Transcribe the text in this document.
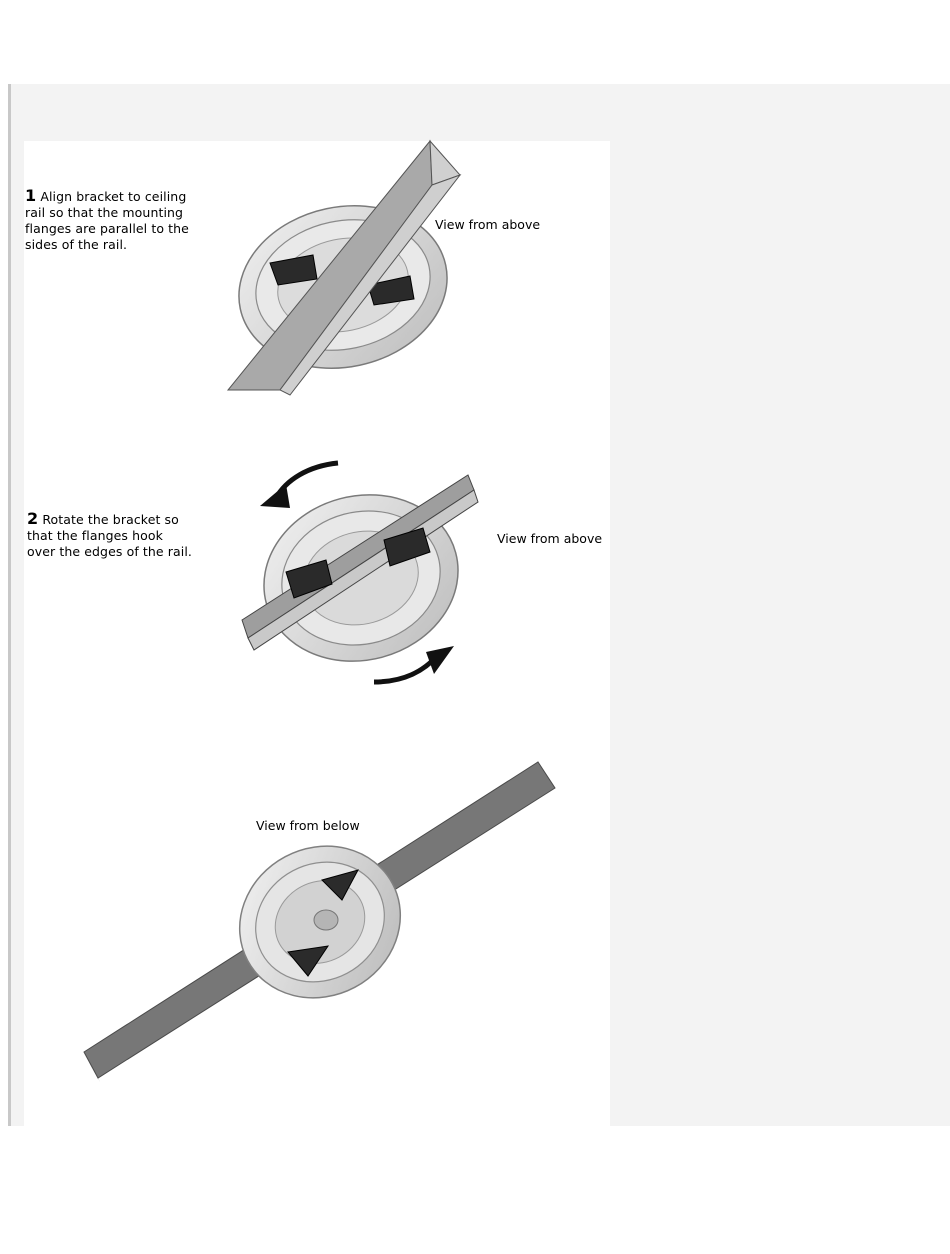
1 Align bracket to ceiling
rail so that the mounting
flanges are parallel to the
sides of the rail.
2 Rotate the bracket so
that the flanges hook
over the edges of the rail.
View from above
View from above
View from below
